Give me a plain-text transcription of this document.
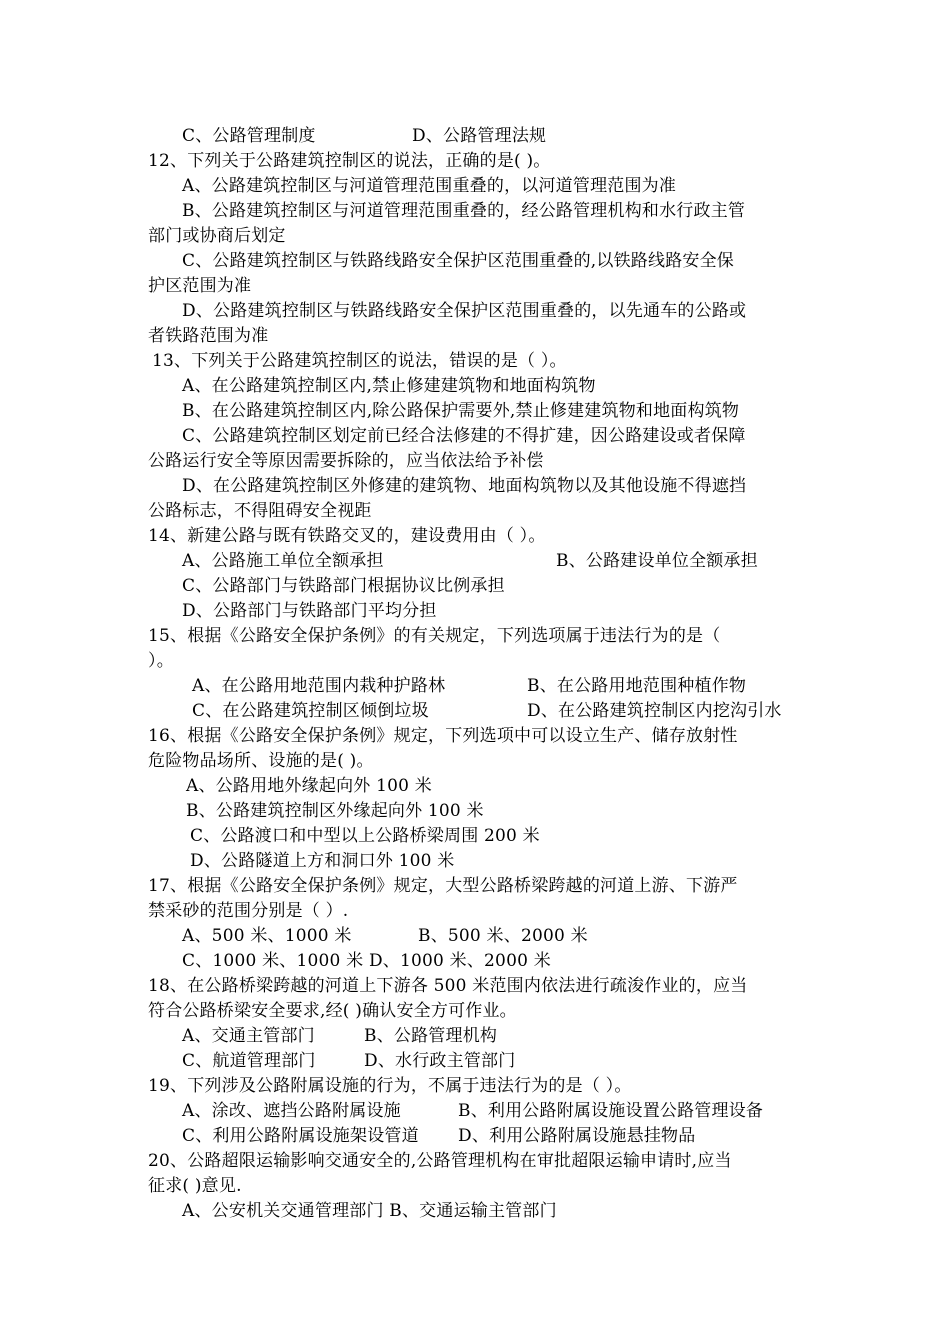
C、公路管理制度	D、公路管理法规
12、下列关于公路建筑控制区的说法，正确的是( )。
A、公路建筑控制区与河道管理范围重叠的，以河道管理范围为准
B、公路建筑控制区与河道管理范围重叠的，经公路管理机构和水行政主管
部门或协商后划定
C、公路建筑控制区与铁路线路安全保护区范围重叠的,以铁路线路安全保
护区范围为准
D、公路建筑控制区与铁路线路安全保护区范围重叠的，以先通车的公路或
者铁路范围为准
13、下列关于公路建筑控制区的说法，错误的是（ ）。
A、在公路建筑控制区内,禁止修建建筑物和地面构筑物
B、在公路建筑控制区内,除公路保护需要外,禁止修建建筑物和地面构筑物
C、公路建筑控制区划定前已经合法修建的不得扩建，因公路建设或者保障
公路运行安全等原因需要拆除的，应当依法给予补偿
D、在公路建筑控制区外修建的建筑物、地面构筑物以及其他设施不得遮挡
公路标志，不得阻碍安全视距
14、新建公路与既有铁路交叉的，建设费用由（ ）。
A、公路施工单位全额承担	B、公路建设单位全额承担
C、公路部门与铁路部门根据协议比例承担
D、公路部门与铁路部门平均分担
15、根据《公路安全保护条例》的有关规定，下列选项属于违法行为的是（
）。
A、在公路用地范围内栽种护路林	B、在公路用地范围种植作物
C、在公路建筑控制区倾倒垃圾	D、在公路建筑控制区内挖沟引水
16、根据《公路安全保护条例》规定，下列选项中可以设立生产、储存放射性
危险物品场所、设施的是( )。
A、公路用地外缘起向外 100 米
B、公路建筑控制区外缘起向外 100 米
C、公路渡口和中型以上公路桥梁周围 200 米
D、公路隧道上方和洞口外 100 米
17、根据《公路安全保护条例》规定，大型公路桥梁跨越的河道上游、下游严
禁采砂的范围分别是（ ）.
A、500 米、1000 米	B、500 米、2000 米
C、1000 米、1000 米 D、1000 米、2000 米
18、在公路桥梁跨越的河道上下游各 500 米范围内依法进行疏浚作业的，应当
符合公路桥梁安全要求,经( )确认安全方可作业。
A、交通主管部门	B、公路管理机构
C、航道管理部门	D、水行政主管部门
19、下列涉及公路附属设施的行为，不属于违法行为的是（ ）。
A、涂改、遮挡公路附属设施	B、利用公路附属设施设置公路管理设备
C、利用公路附属设施架设管道 D、利用公路附属设施悬挂物品
20、公路超限运输影响交通安全的,公路管理机构在审批超限运输申请时,应当
征求( )意见.
A、公安机关交通管理部门 B、交通运输主管部门
